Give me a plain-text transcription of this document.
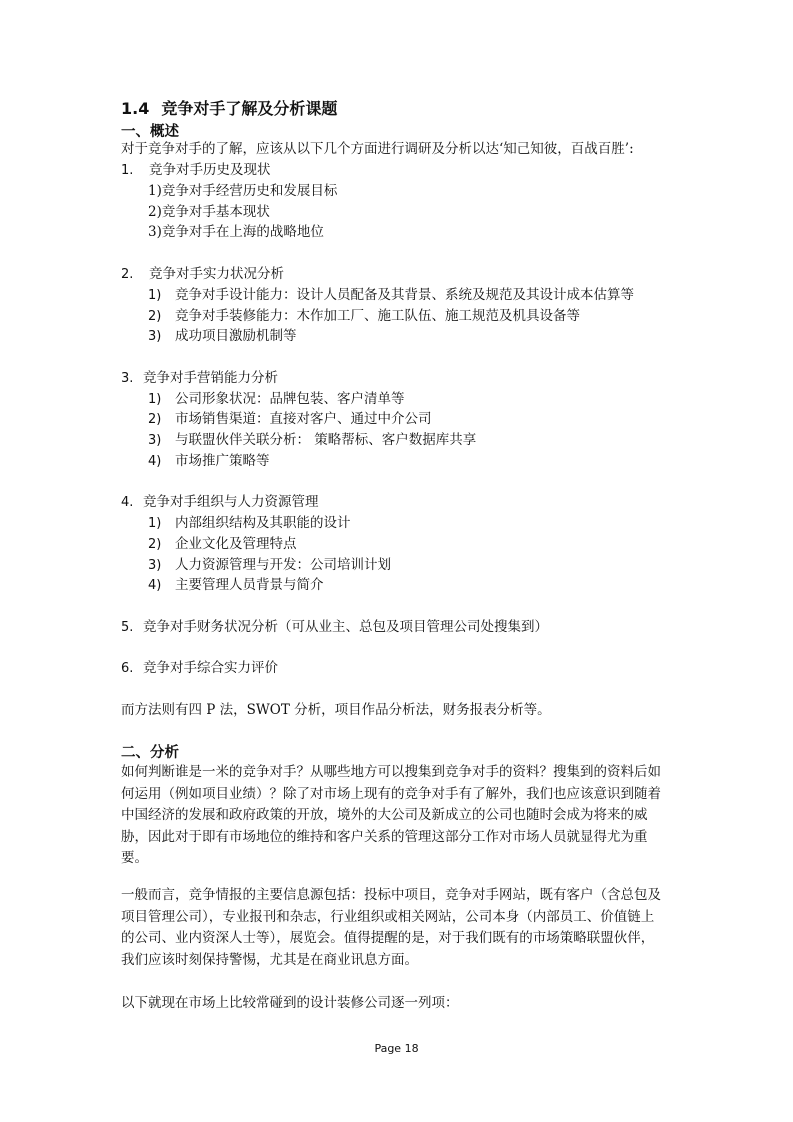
1.4 竞争对手了解及分析课题
一、概述
对于竞争对手的了解，应该从以下几个方面进行调研及分析以达‘知己知彼，百战百胜’:
1. 竞争对手历史及现状
1)竞争对手经营历史和发展目标
2)竞争对手基本现状
3)竞争对手在上海的战略地位
2. 竞争对手实力状况分析
1) 竞争对手设计能力：设计人员配备及其背景、系统及规范及其设计成本估算等
2) 竞争对手装修能力：木作加工厂、施工队伍、施工规范及机具设备等
3) 成功项目激励机制等
3. 竞争对手营销能力分析
1) 公司形象状况：品牌包装、客户清单等
2) 市场销售渠道：直接对客户、通过中介公司
3) 与联盟伙伴关联分析： 策略帮标、客户数据库共享
4) 市场推广策略等
4. 竞争对手组织与人力资源管理
1) 内部组织结构及其职能的设计
2) 企业文化及管理特点
3) 人力资源管理与开发：公司培训计划
4) 主要管理人员背景与简介
5. 竞争对手财务状况分析（可从业主、总包及项目管理公司处搜集到）
6. 竞争对手综合实力评价
而方法则有四 P 法，SWOT 分析，项目作品分析法，财务报表分析等。
二、分析
如何判断谁是一米的竞争对手？从哪些地方可以搜集到竞争对手的资料？搜集到的资料后如何运用（例如项目业绩）？除了对市场上现有的竞争对手有了解外，我们也应该意识到随着中国经济的发展和政府政策的开放，境外的大公司及新成立的公司也随时会成为将来的威胁，因此对于即有市场地位的维持和客户关系的管理这部分工作对市场人员就显得尤为重要。
一般而言，竞争情报的主要信息源包括：投标中项目，竞争对手网站，既有客户（含总包及项目管理公司），专业报刊和杂志，行业组织或相关网站，公司本身（内部员工、价值链上的公司、业内资深人士等），展览会。值得提醒的是，对于我们既有的市场策略联盟伙伴，我们应该时刻保持警惕，尤其是在商业讯息方面。
以下就现在市场上比较常碰到的设计装修公司逐一列项：
Page 18
